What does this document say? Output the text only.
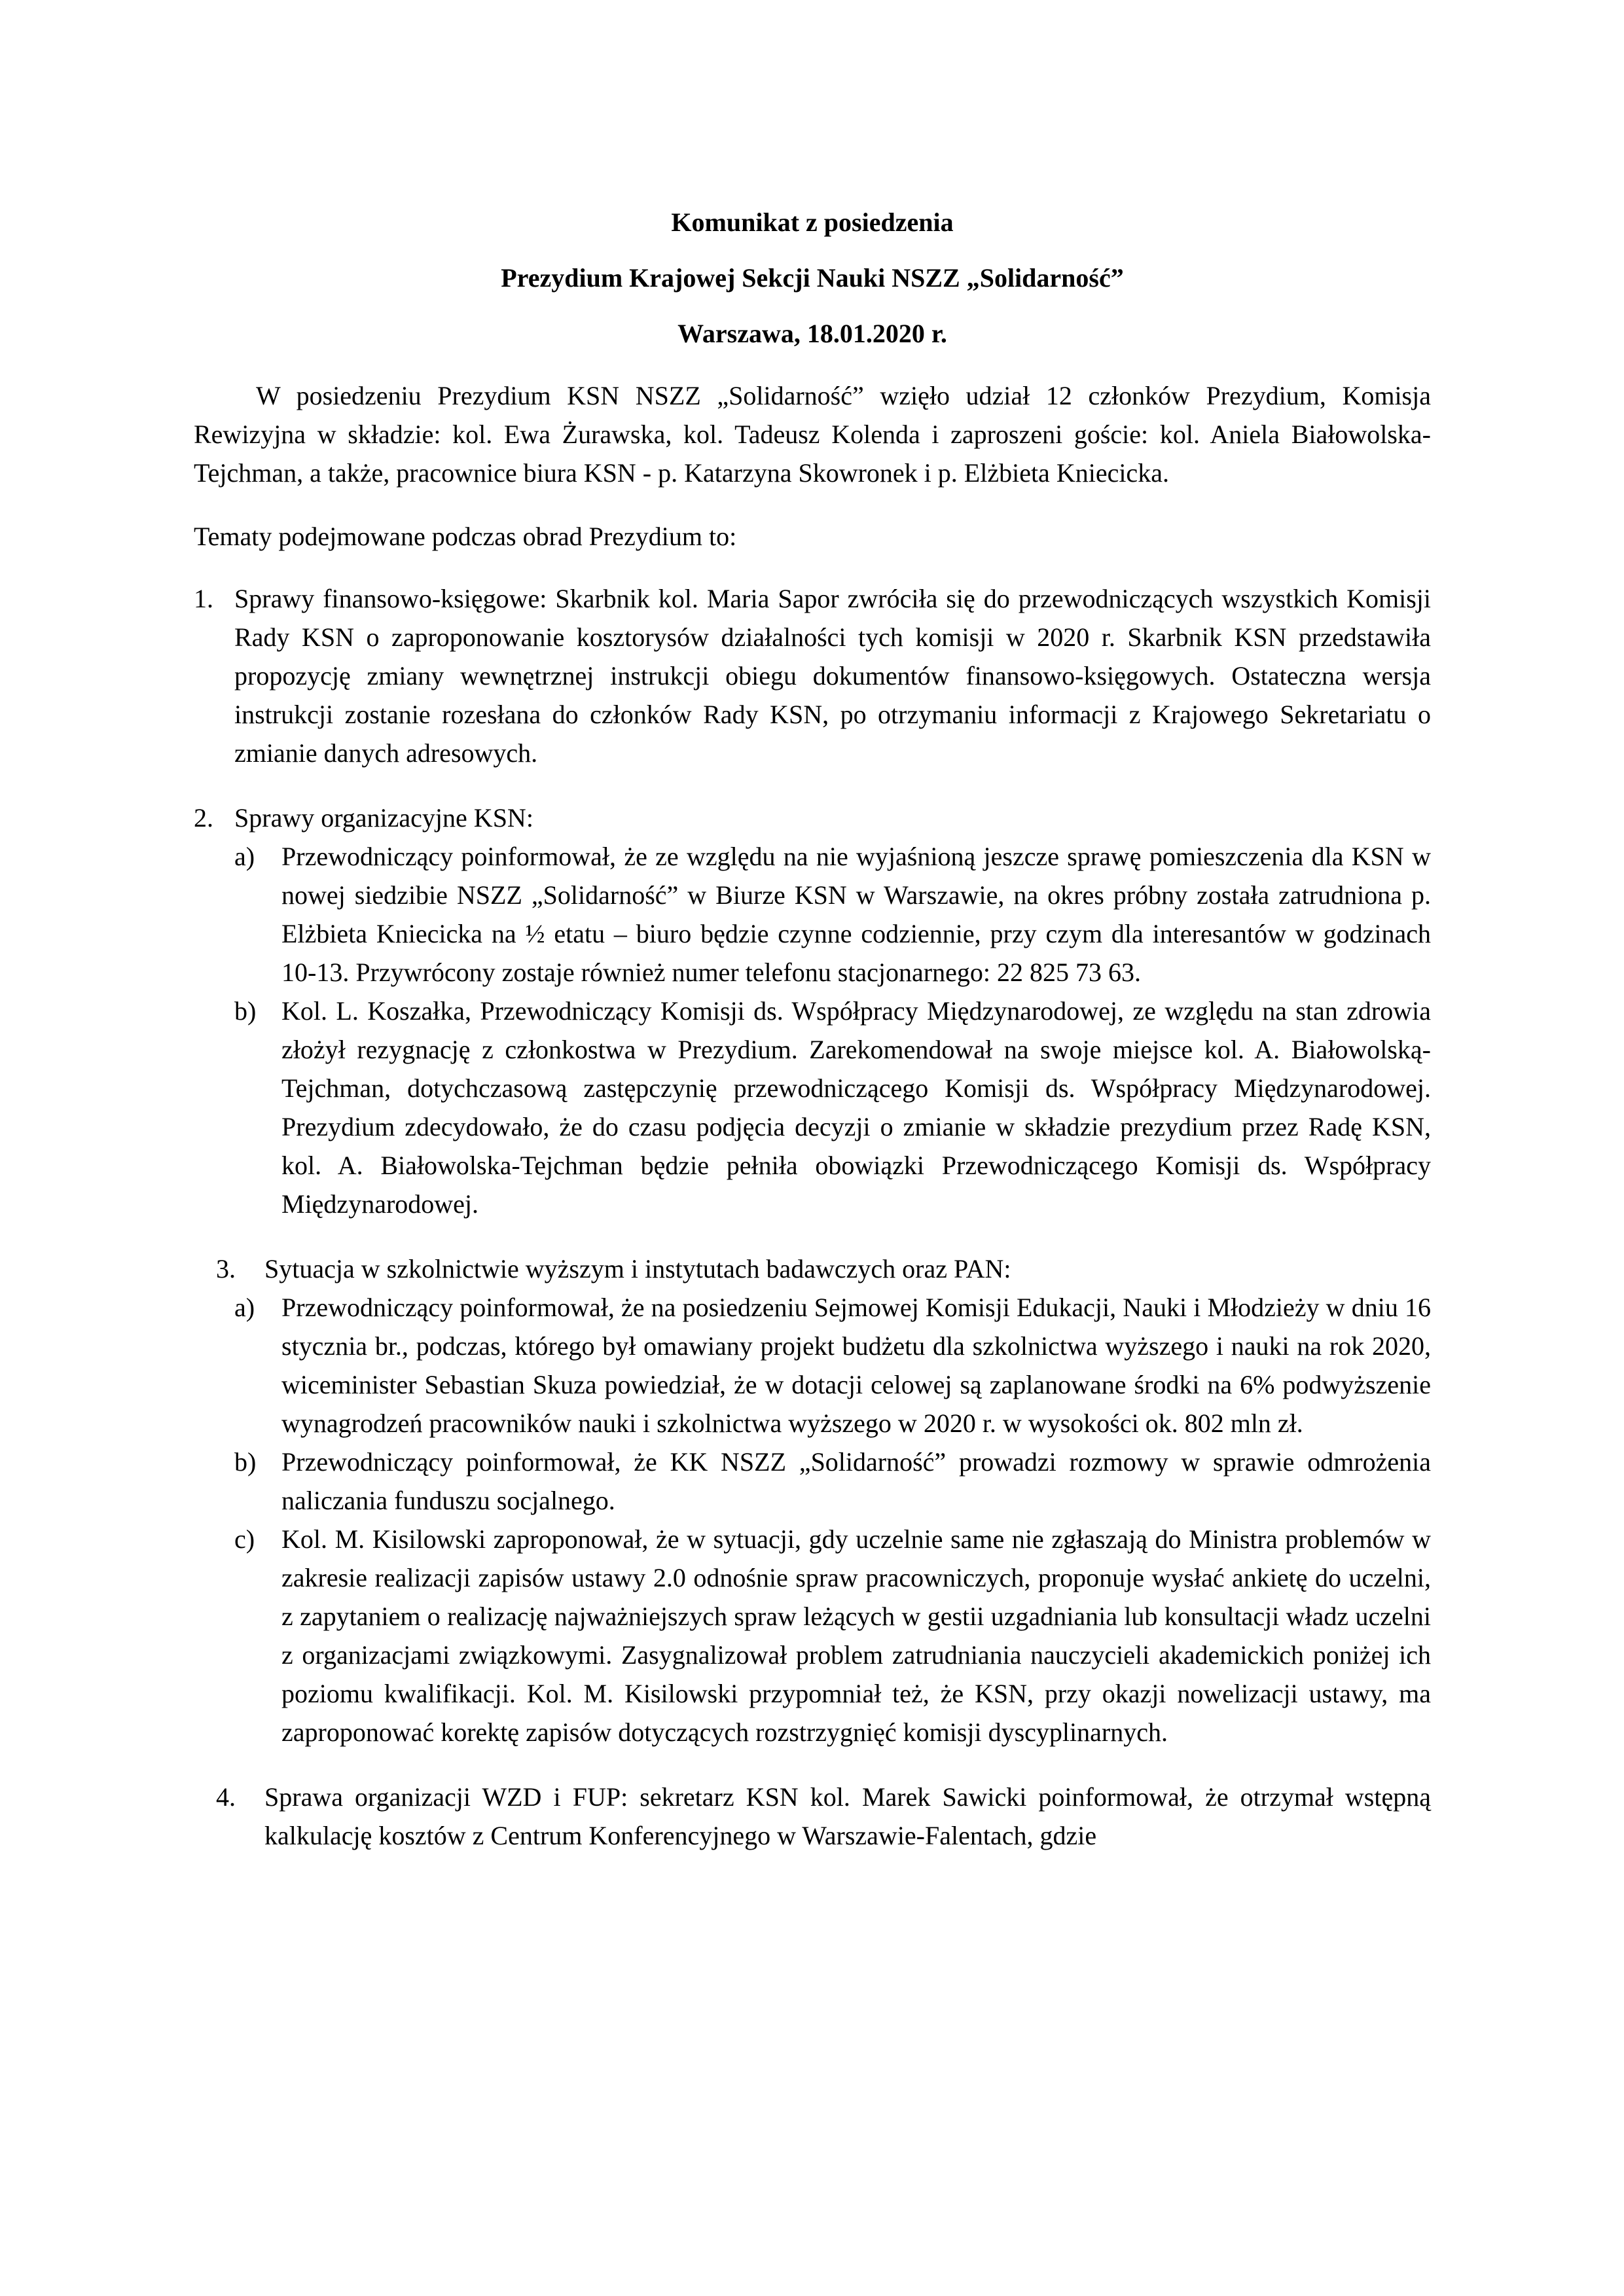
Komunikat z posiedzenia

Prezydium Krajowej Sekcji Nauki NSZZ „Solidarność”

Warszawa, 18.01.2020 r.

W posiedzeniu Prezydium KSN NSZZ „Solidarność” wzięło udział 12 członków Prezydium, Komisja Rewizyjna w składzie: kol. Ewa Żurawska, kol. Tadeusz Kolenda i zaproszeni goście: kol. Aniela Białowolska-Tejchman, a także, pracownice biura KSN - p. Katarzyna Skowronek i p. Elżbieta Kniecicka.

Tematy podejmowane podczas obrad Prezydium to:

1. Sprawy finansowo-księgowe: Skarbnik kol. Maria Sapor zwróciła się do przewodniczących wszystkich Komisji Rady KSN o zaproponowanie kosztorysów działalności tych komisji w 2020 r. Skarbnik KSN przedstawiła propozycję zmiany wewnętrznej instrukcji obiegu dokumentów finansowo-księgowych. Ostateczna wersja instrukcji zostanie rozesłana do członków Rady KSN, po otrzymaniu informacji z Krajowego Sekretariatu o zmianie danych adresowych.

2. Sprawy organizacyjne KSN:

a) Przewodniczący poinformował, że ze względu na nie wyjaśnioną jeszcze sprawę pomieszczenia dla KSN w nowej siedzibie NSZZ „Solidarność” w Biurze KSN w Warszawie, na okres próbny została zatrudniona p. Elżbieta Kniecicka na ½ etatu – biuro będzie czynne codziennie, przy czym dla interesantów w godzinach 10-13. Przywrócony zostaje również numer telefonu stacjonarnego: 22 825 73 63.

b) Kol. L. Koszałka, Przewodniczący Komisji ds. Współpracy Międzynarodowej, ze względu na stan zdrowia złożył rezygnację z członkostwa w Prezydium. Zarekomendował na swoje miejsce kol. A. Białowolską-Tejchman, dotychczasową zastępczynię przewodniczącego Komisji ds. Współpracy Międzynarodowej. Prezydium zdecydowało, że do czasu podjęcia decyzji o zmianie w składzie prezydium przez Radę KSN, kol. A. Białowolska-Tejchman będzie pełniła obowiązki Przewodniczącego Komisji ds. Współpracy Międzynarodowej.

3. Sytuacja w szkolnictwie wyższym i instytutach badawczych oraz PAN:

a) Przewodniczący poinformował, że na posiedzeniu Sejmowej Komisji Edukacji, Nauki i Młodzieży w dniu 16 stycznia br., podczas, którego był omawiany projekt budżetu dla szkolnictwa wyższego i nauki na rok 2020, wiceminister Sebastian Skuza powiedział, że w dotacji celowej są zaplanowane środki na 6% podwyższenie wynagrodzeń pracowników nauki i szkolnictwa wyższego w 2020 r. w wysokości ok. 802 mln zł.

b) Przewodniczący poinformował, że KK NSZZ „Solidarność” prowadzi rozmowy w sprawie odmrożenia naliczania funduszu socjalnego.

c) Kol. M. Kisilowski zaproponował, że w sytuacji, gdy uczelnie same nie zgłaszają do Ministra problemów w zakresie realizacji zapisów ustawy 2.0 odnośnie spraw pracowniczych, proponuje wysłać ankietę do uczelni, z zapytaniem o realizację najważniejszych spraw leżących w gestii uzgadniania lub konsultacji władz uczelni z organizacjami związkowymi. Zasygnalizował problem zatrudniania nauczycieli akademickich poniżej ich poziomu kwalifikacji. Kol. M. Kisilowski przypomniał też, że KSN, przy okazji nowelizacji ustawy, ma zaproponować korektę zapisów dotyczących rozstrzygnięć komisji dyscyplinarnych.

4. Sprawa organizacji WZD i FUP: sekretarz KSN kol. Marek Sawicki poinformował, że otrzymał wstępną kalkulację kosztów z Centrum Konferencyjnego w Warszawie-Falentach, gdzie
